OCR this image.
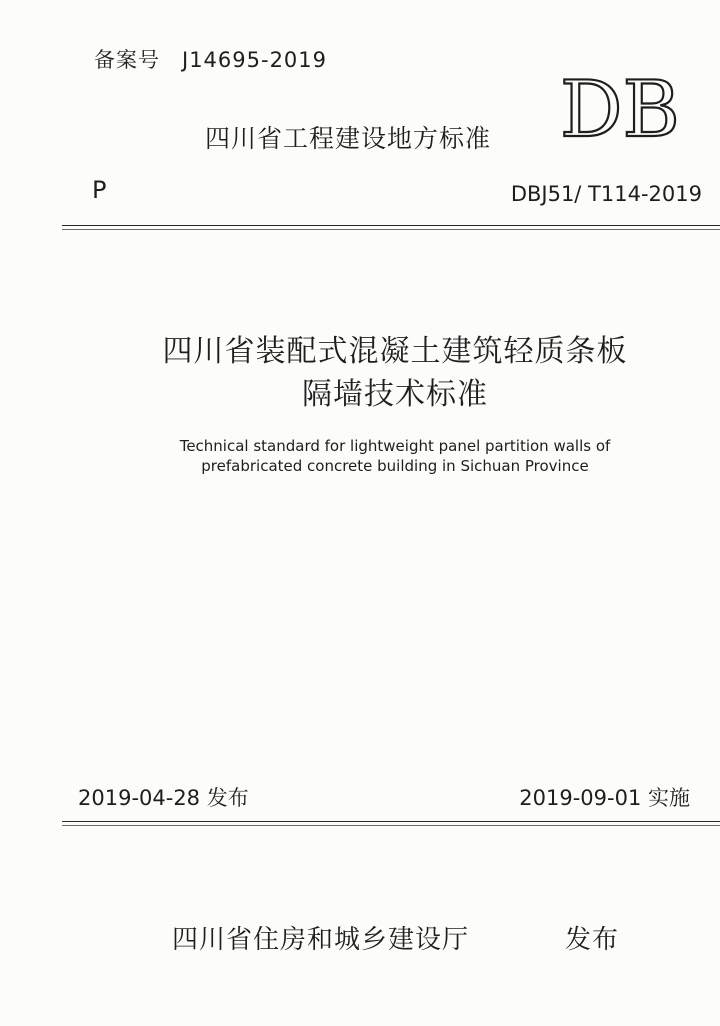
备案号 J14695-2019
四川省工程建设地方标准 DB
P	DBJ51/ T114-2019
四川省装配式混凝土建筑轻质条板
隔墙技术标准
Technical standard for lightweight panel partition walls of
prefabricated concrete building in Sichuan Province
2019-04-28 发布	2019-09-01 实施
四川省住房和城乡建设厅	发布
